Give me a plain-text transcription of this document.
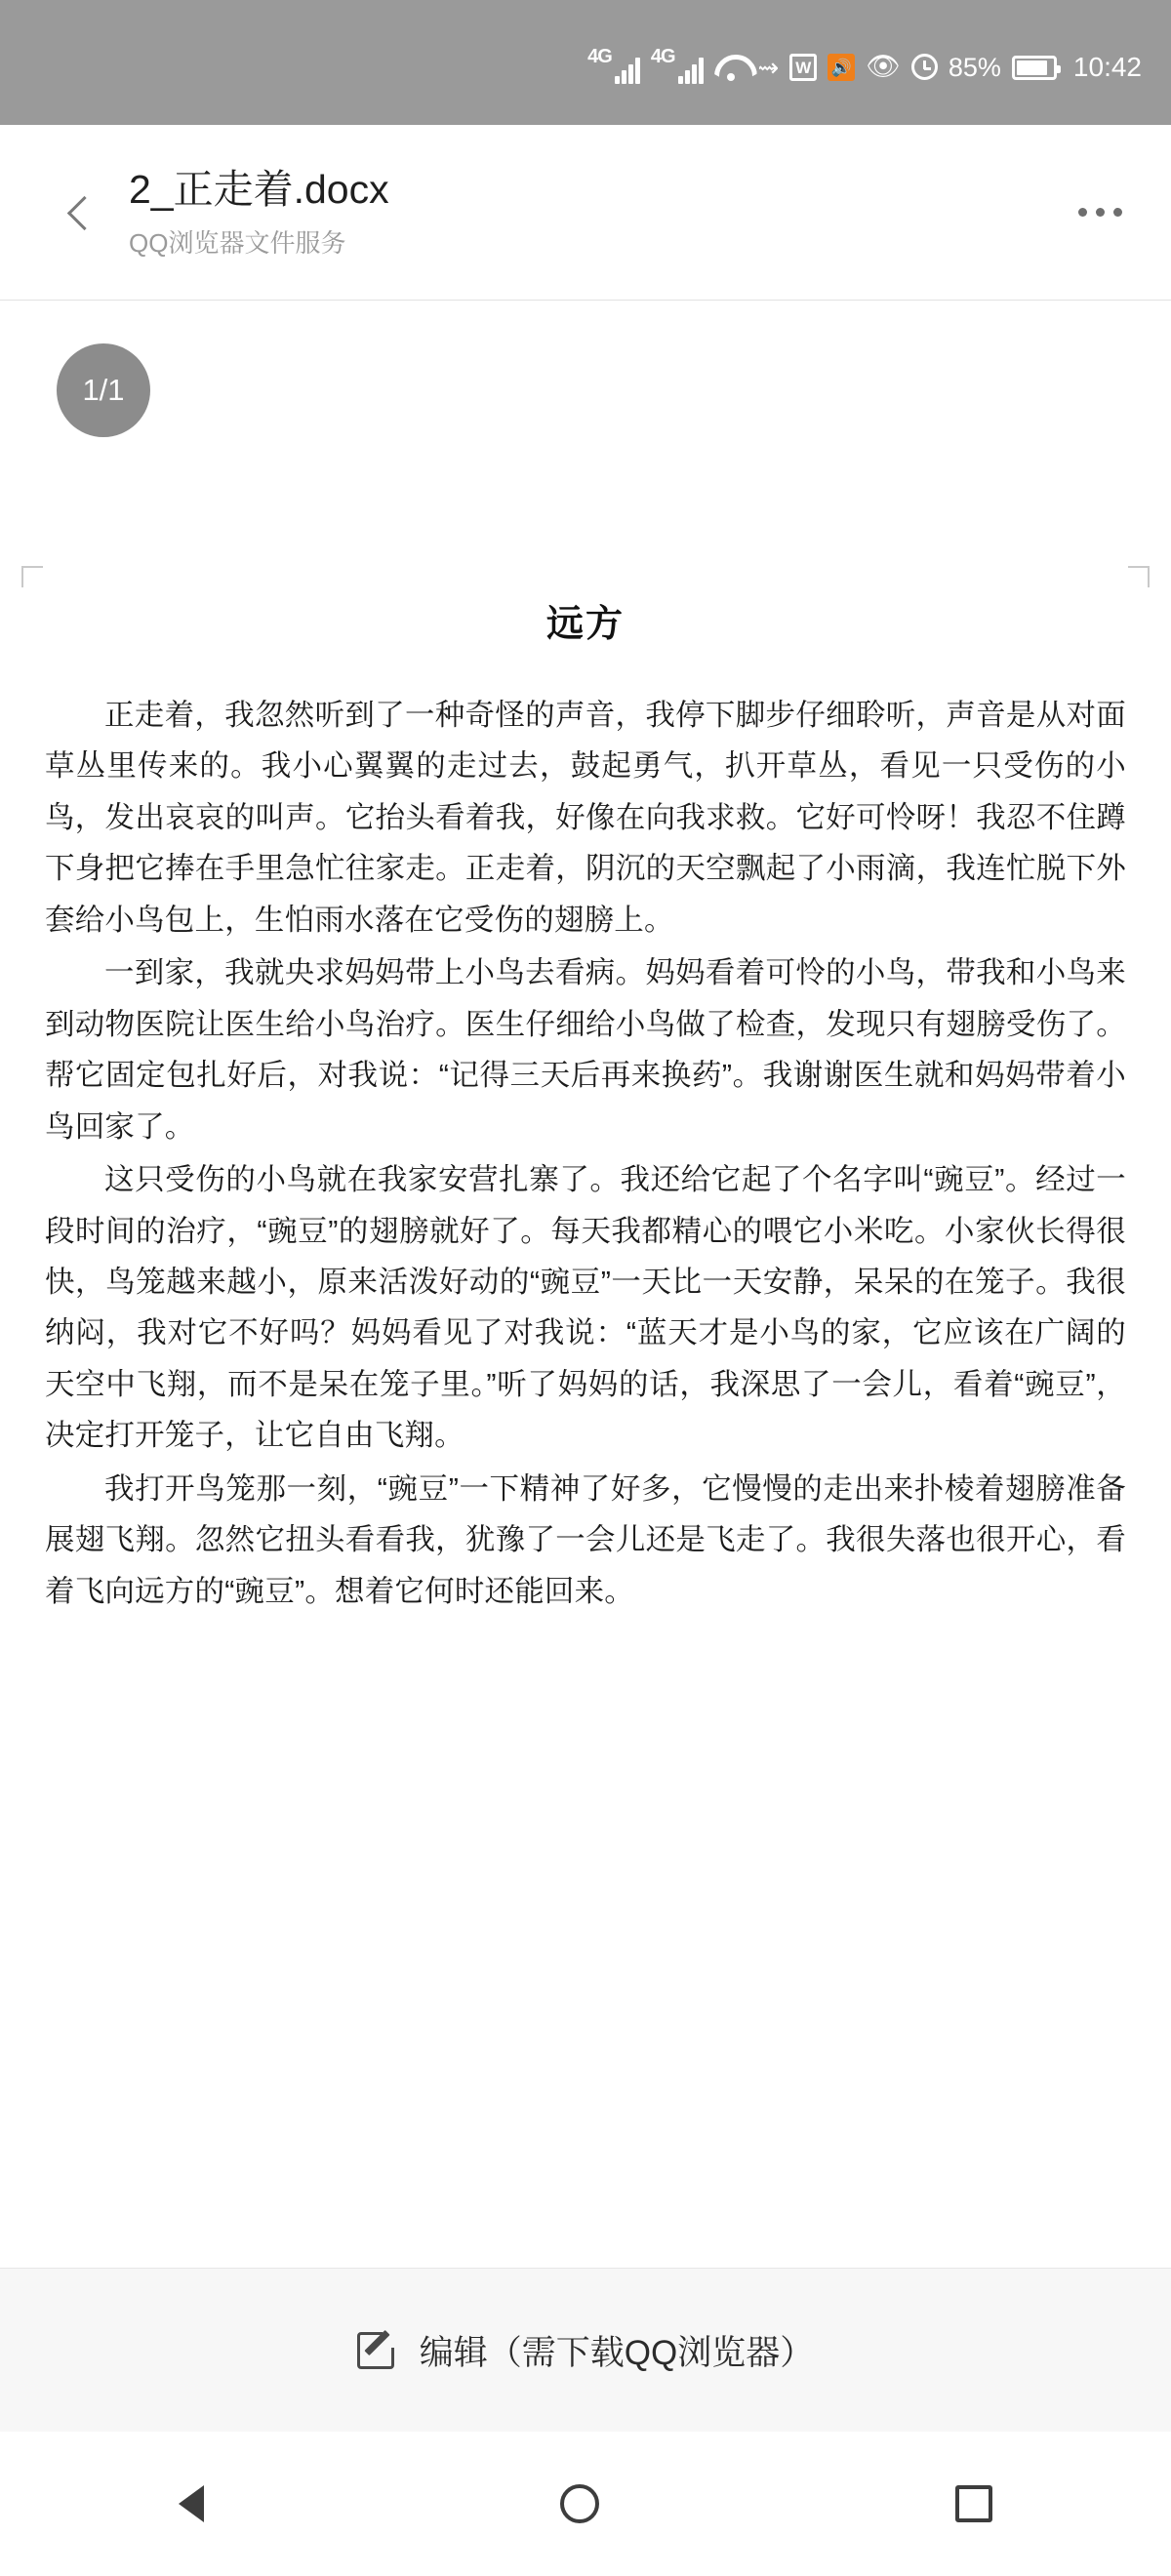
4G 4G	⇝ W	🔊 👁 85%	10:42
2_正走着.docx
QQ浏览器文件服务
1/1
远方

正走着，我忽然听到了一种奇怪的声音，我停下脚步仔细聆听，声音是从对面草丛里传来的。我小心翼翼的走过去，鼓起勇气，扒开草丛，看见一只受伤的小鸟，发出哀哀的叫声。它抬头看着我，好像在向我求救。它好可怜呀！我忍不住蹲下身把它捧在手里急忙往家走。正走着，阴沉的天空飘起了小雨滴，我连忙脱下外套给小鸟包上，生怕雨水落在它受伤的翅膀上。

一到家，我就央求妈妈带上小鸟去看病。妈妈看着可怜的小鸟，带我和小鸟来到动物医院让医生给小鸟治疗。医生仔细给小鸟做了检查，发现只有翅膀受伤了。帮它固定包扎好后，对我说：“记得三天后再来换药”。我谢谢医生就和妈妈带着小鸟回家了。

这只受伤的小鸟就在我家安营扎寨了。我还给它起了个名字叫“豌豆”。经过一段时间的治疗，“豌豆”的翅膀就好了。每天我都精心的喂它小米吃。小家伙长得很快，鸟笼越来越小，原来活泼好动的“豌豆”一天比一天安静，呆呆的在笼子。我很纳闷，我对它不好吗？妈妈看见了对我说：“蓝天才是小鸟的家，它应该在广阔的天空中飞翔，而不是呆在笼子里。”听了妈妈的话，我深思了一会儿，看着“豌豆”，决定打开笼子，让它自由飞翔。

我打开鸟笼那一刻，“豌豆”一下精神了好多，它慢慢的走出来扑棱着翅膀准备展翅飞翔。忽然它扭头看看我，犹豫了一会儿还是飞走了。我很失落也很开心，看着飞向远方的“豌豆”。想着它何时还能回来。

编辑（需下载QQ浏览器）
